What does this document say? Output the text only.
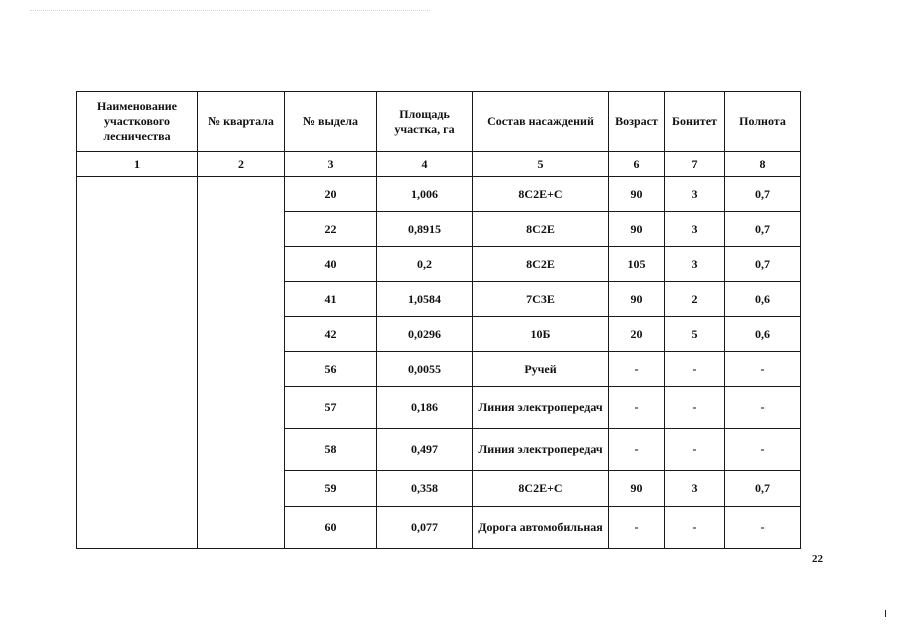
Наименование участкового лесничества	№ квартала	№ выдела	Площадь участка, га	Состав насаждений	Возраст	Бонитет	Полнота
1	2	3	4	5	6	7	8
		20	1,006	8С2Е+С	90	3	0,7
		22	0,8915	8С2Е	90	3	0,7
		40	0,2	8С2Е	105	3	0,7
		41	1,0584	7С3Е	90	2	0,6
		42	0,0296	10Б	20	5	0,6
		56	0,0055	Ручей	-	-	-
		57	0,186	Линия электропередач	-	-	-
		58	0,497	Линия электропередач	-	-	-
		59	0,358	8С2Е+С	90	3	0,7
		60	0,077	Дорога автомобильная	-	-	-
22
